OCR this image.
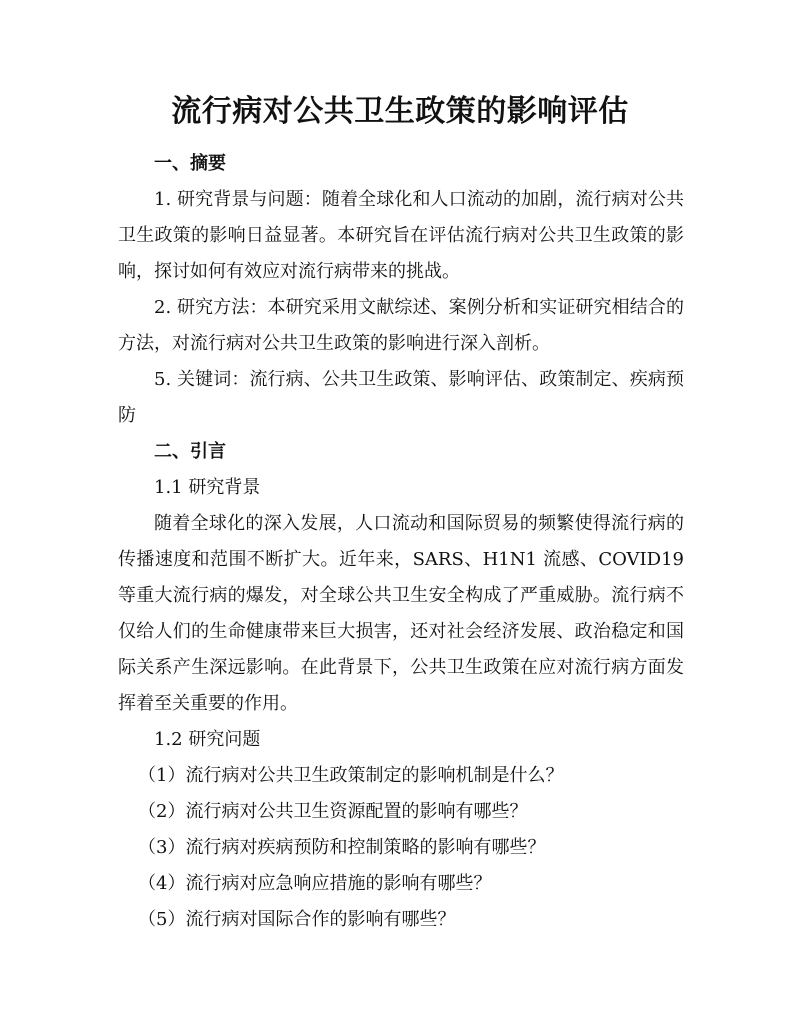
流行病对公共卫生政策的影响评估

一、摘要

1. 研究背景与问题：随着全球化和人口流动的加剧，流行病对公共卫生政策的影响日益显著。本研究旨在评估流行病对公共卫生政策的影响，探讨如何有效应对流行病带来的挑战。

2. 研究方法：本研究采用文献综述、案例分析和实证研究相结合的方法，对流行病对公共卫生政策的影响进行深入剖析。

5. 关键词：流行病、公共卫生政策、影响评估、政策制定、疾病预防

二、引言

1.1 研究背景

随着全球化的深入发展，人口流动和国际贸易的频繁使得流行病的传播速度和范围不断扩大。近年来，SARS、H1N1 流感、COVID19 等重大流行病的爆发，对全球公共卫生安全构成了严重威胁。流行病不仅给人们的生命健康带来巨大损害，还对社会经济发展、政治稳定和国际关系产生深远影响。在此背景下，公共卫生政策在应对流行病方面发挥着至关重要的作用。

1.2 研究问题

（1）流行病对公共卫生政策制定的影响机制是什么？

（2）流行病对公共卫生资源配置的影响有哪些？

（3）流行病对疾病预防和控制策略的影响有哪些？

（4）流行病对应急响应措施的影响有哪些？

（5）流行病对国际合作的影响有哪些？
